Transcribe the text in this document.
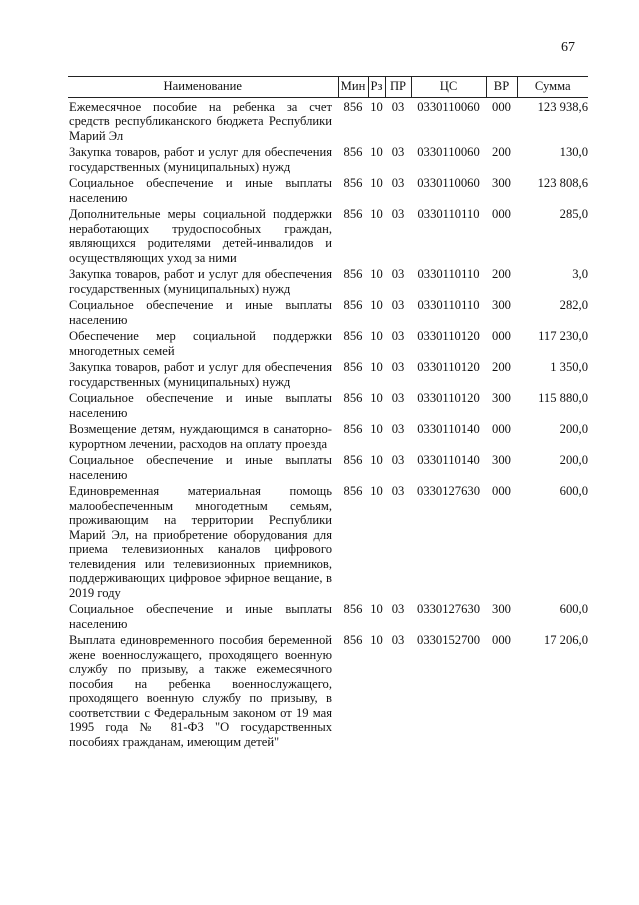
67
Наименование	Мин	Рз	ПР	ЦС	ВР	Сумма
Ежемесячное пособие на ребенка за счет средств республиканского бюджета Республики Марий Эл	856	10	03	0330110060	000	123 938,6
Закупка товаров, работ и услуг для обеспечения государственных (муниципальных) нужд	856	10	03	0330110060	200	130,0
Социальное обеспечение и иные выплаты населению	856	10	03	0330110060	300	123 808,6
Дополнительные меры социальной поддержки неработающих трудоспособных граждан, являющихся родителями детей-инвалидов и осуществляющих уход за ними	856	10	03	0330110110	000	285,0
Закупка товаров, работ и услуг для обеспечения государственных (муниципальных) нужд	856	10	03	0330110110	200	3,0
Социальное обеспечение и иные выплаты населению	856	10	03	0330110110	300	282,0
Обеспечение мер социальной поддержки многодетных семей	856	10	03	0330110120	000	117 230,0
Закупка товаров, работ и услуг для обеспечения государственных (муниципальных) нужд	856	10	03	0330110120	200	1 350,0
Социальное обеспечение и иные выплаты населению	856	10	03	0330110120	300	115 880,0
Возмещение детям, нуждающимся в санаторно-курортном лечении, расходов на оплату проезда	856	10	03	0330110140	000	200,0
Социальное обеспечение и иные выплаты населению	856	10	03	0330110140	300	200,0
Единовременная материальная помощь малообеспеченным многодетным семьям, проживающим на территории Республики Марий Эл, на приобретение оборудования для приема телевизионных каналов цифрового телевидения или телевизионных приемников, поддерживающих цифровое эфирное вещание, в 2019 году	856	10	03	0330127630	000	600,0
Социальное обеспечение и иные выплаты населению	856	10	03	0330127630	300	600,0
Выплата единовременного пособия беременной жене военнослужащего, проходящего военную службу по призыву, а также ежемесячного пособия на ребенка военнослужащего, проходящего военную службу по призыву, в соответствии с Федеральным законом от 19 мая 1995 года № 81-ФЗ "О государственных пособиях гражданам, имеющим детей"	856	10	03	0330152700	000	17 206,0
